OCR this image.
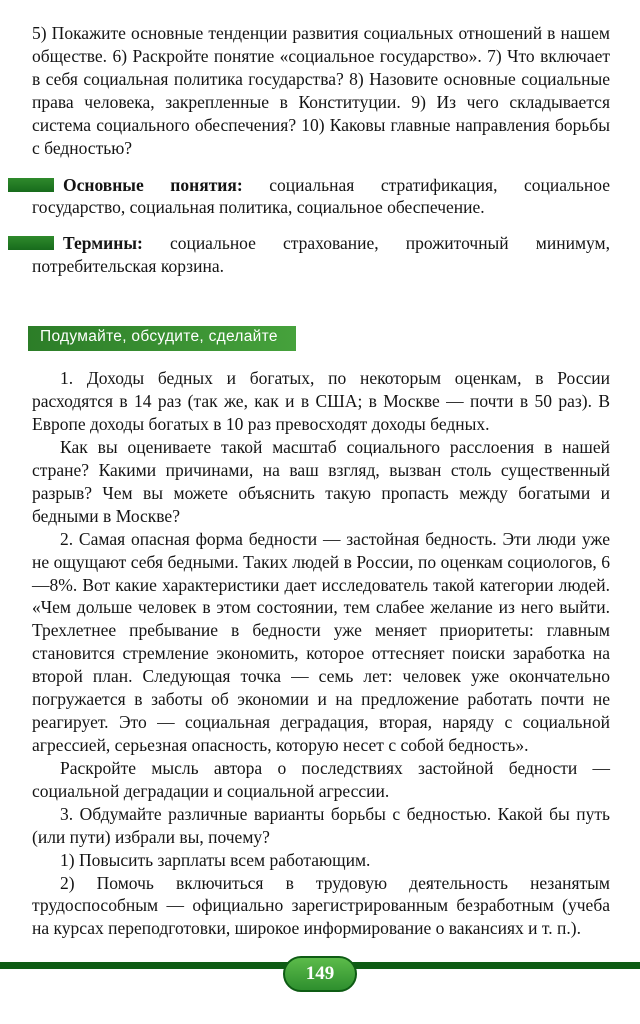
5) Покажите основные тенденции развития социальных отношений в нашем обществе. 6) Раскройте понятие «социальное государство». 7) Что включает в себя социальная политика государства? 8) Назовите основные социальные права человека, закрепленные в Конституции. 9) Из чего складывается система социального обеспечения? 10) Каковы главные направления борьбы с бедностью?

Основные понятия: социальная стратификация, социальное государство, социальная политика, социальное обеспечение.

Термины: социальное страхование, прожиточный минимум, потребительская корзина.

Подумайте, обсудите, сделайте

1. Доходы бедных и богатых, по некоторым оценкам, в России расходятся в 14 раз (так же, как и в США; в Москве — почти в 50 раз). В Европе доходы богатых в 10 раз превосходят доходы бедных.

Как вы оцениваете такой масштаб социального расслоения в нашей стране? Какими причинами, на ваш взгляд, вызван столь существенный разрыв? Чем вы можете объяснить такую пропасть между богатыми и бедными в Москве?

2. Самая опасная форма бедности — застойная бедность. Эти люди уже не ощущают себя бедными. Таких людей в России, по оценкам социологов, 6—8%. Вот какие характеристики дает исследователь такой категории людей. «Чем дольше человек в этом состоянии, тем слабее желание из него выйти. Трехлетнее пребывание в бедности уже меняет приоритеты: главным становится стремление экономить, которое оттесняет поиски заработка на второй план. Следующая точка — семь лет: человек уже окончательно погружается в заботы об экономии и на предложение работать почти не реагирует. Это — социальная деградация, вторая, наряду с социальной агрессией, серьезная опасность, которую несет с собой бедность».

Раскройте мысль автора о последствиях застойной бедности — социальной деградации и социальной агрессии.

3. Обдумайте различные варианты борьбы с бедностью. Какой бы путь (или пути) избрали вы, почему?

1) Повысить зарплаты всем работающим.

2) Помочь включиться в трудовую деятельность незанятым трудоспособным — официально зарегистрированным безработным (учеба на курсах переподготовки, широкое информирование о вакансиях и т. п.).

149
